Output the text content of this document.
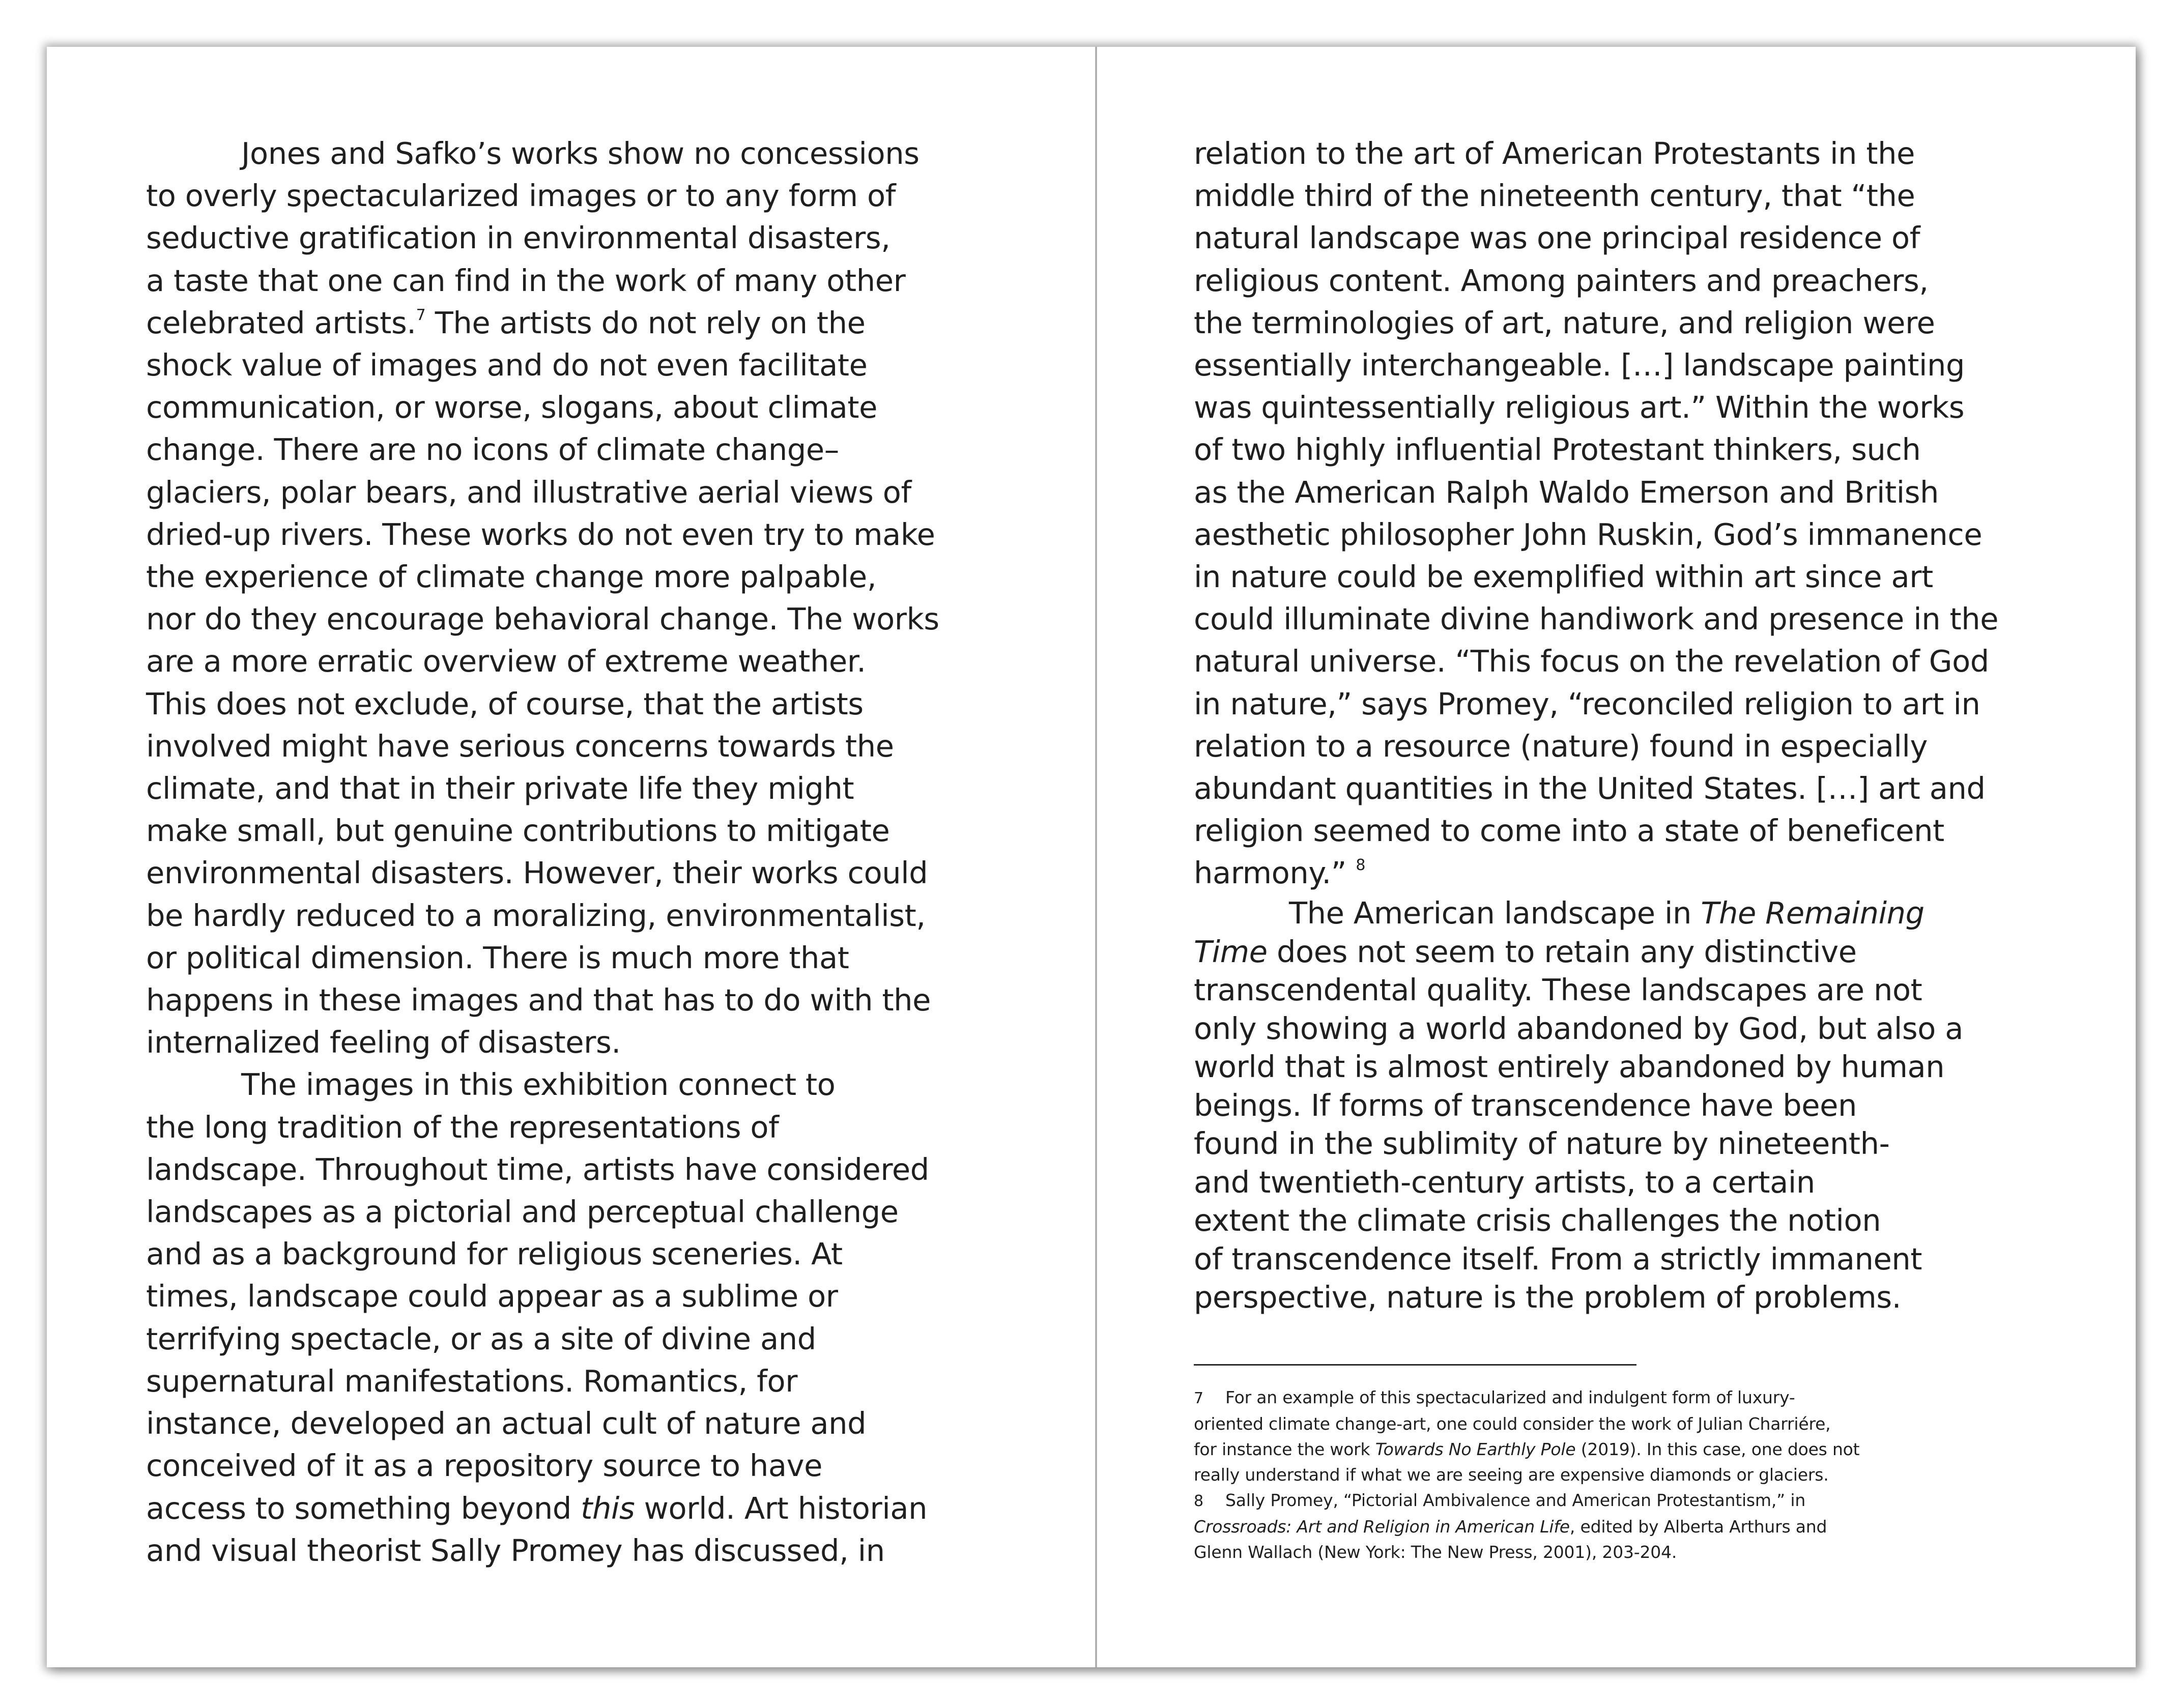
Jones and Safko’s works show no concessions
to overly spectacularized images or to any form of
seductive gratification in environmental disasters,
a taste that one can find in the work of many other
celebrated artists.$^7$ The artists do not rely on the
shock value of images and do not even facilitate
communication, or worse, slogans, about climate
change. There are no icons of climate change–
glaciers, polar bears, and illustrative aerial views of
dried-up rivers. These works do not even try to make
the experience of climate change more palpable,
nor do they encourage behavioral change. The works
are a more erratic overview of extreme weather.
This does not exclude, of course, that the artists
involved might have serious concerns towards the
climate, and that in their private life they might
make small, but genuine contributions to mitigate
environmental disasters. However, their works could
be hardly reduced to a moralizing, environmentalist,
or political dimension. There is much more that
happens in these images and that has to do with the
internalized feeling of disasters.
The images in this exhibition connect to
the long tradition of the representations of
landscape. Throughout time, artists have considered
landscapes as a pictorial and perceptual challenge
and as a background for religious sceneries. At
times, landscape could appear as a sublime or
terrifying spectacle, or as a site of divine and
supernatural manifestations. Romantics, for
instance, developed an actual cult of nature and
conceived of it as a repository source to have
access to something beyond this world. Art historian
and visual theorist Sally Promey has discussed, in
relation to the art of American Protestants in the
middle third of the nineteenth century, that “the
natural landscape was one principal residence of
religious content. Among painters and preachers,
the terminologies of art, nature, and religion were
essentially interchangeable. […] landscape painting
was quintessentially religious art.” Within the works
of two highly influential Protestant thinkers, such
as the American Ralph Waldo Emerson and British
aesthetic philosopher John Ruskin, God’s immanence
in nature could be exemplified within art since art
could illuminate divine handiwork and presence in the
natural universe. “This focus on the revelation of God
in nature,” says Promey, “reconciled religion to art in
relation to a resource (nature) found in especially
abundant quantities in the United States. […] art and
religion seemed to come into a state of beneficent
harmony.” $^8$
The American landscape in The Remaining
Time does not seem to retain any distinctive
transcendental quality. These landscapes are not
only showing a world abandoned by God, but also a
world that is almost entirely abandoned by human
beings. If forms of transcendence have been
found in the sublimity of nature by nineteenth-
and twentieth-century artists, to a certain
extent the climate crisis challenges the notion
of transcendence itself. From a strictly immanent
perspective, nature is the problem of problems.
7 For an example of this spectacularized and indulgent form of luxury-
oriented climate change-art, one could consider the work of Julian Charriére,
for instance the work Towards No Earthly Pole (2019). In this case, one does not
really understand if what we are seeing are expensive diamonds or glaciers.
8 Sally Promey, “Pictorial Ambivalence and American Protestantism,” in
Crossroads: Art and Religion in American Life, edited by Alberta Arthurs and
Glenn Wallach (New York: The New Press, 2001), 203-204.
